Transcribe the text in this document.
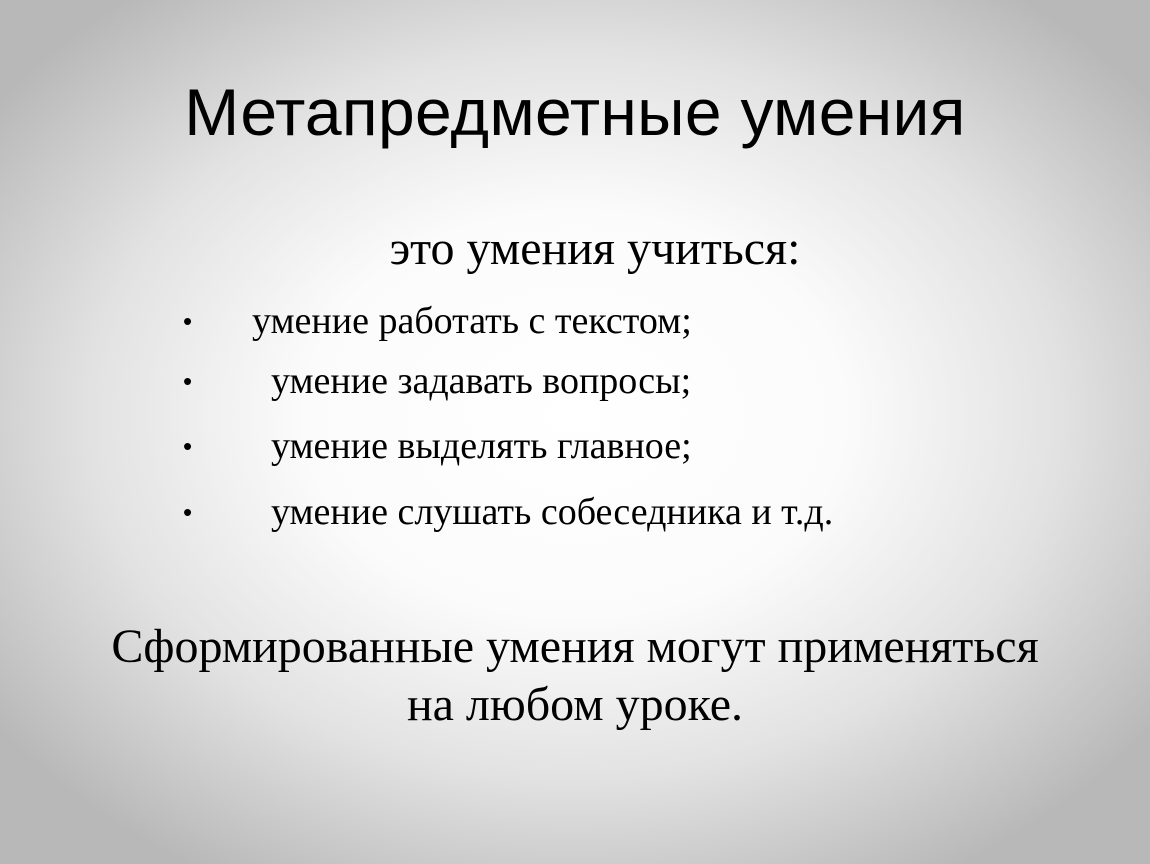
Метапредметные умения
это умения учиться:
• умение работать с текстом;
• умение задавать вопросы;
• умение выделять главное;
• умение слушать собеседника и т.д.
Сформированные умения могут применяться
на любом уроке.
